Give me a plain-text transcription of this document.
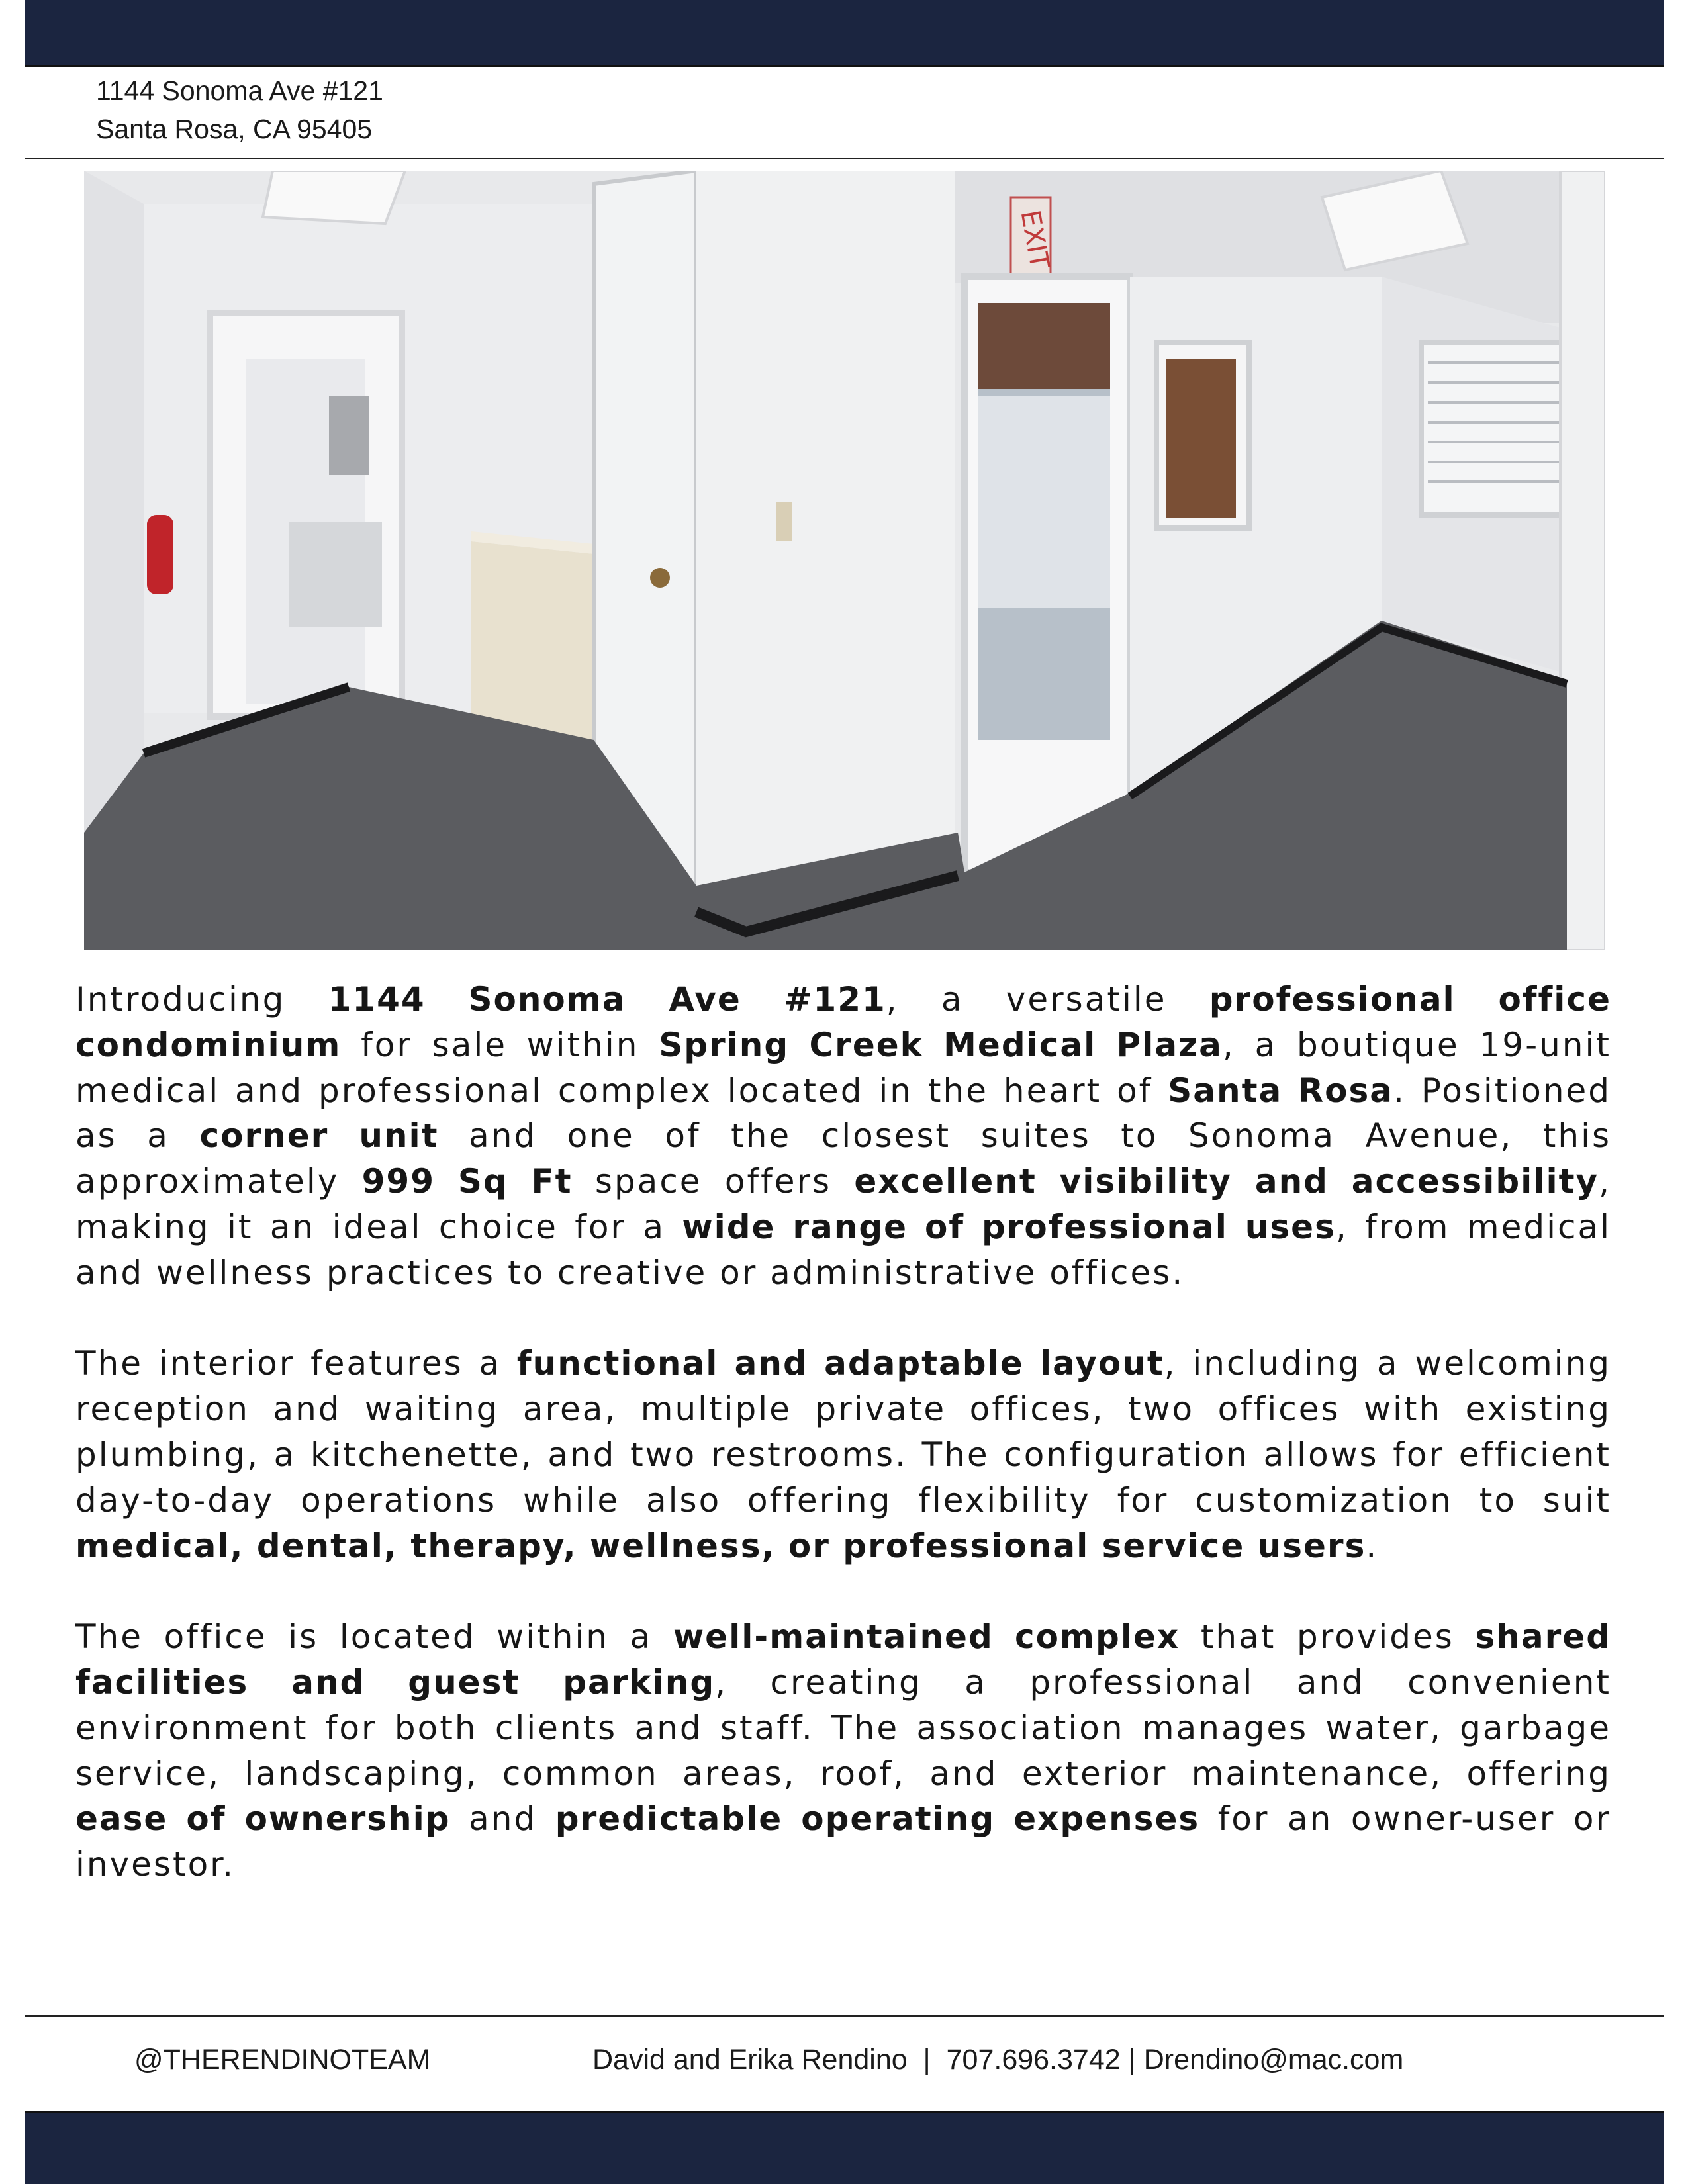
1144 Sonoma Ave #121
Santa Rosa, CA 95405
EXIT

Introducing 1144 Sonoma Ave #121, a versatile professional office condominium for sale within Spring Creek Medical Plaza, a boutique 19-unit medical and professional complex located in the heart of Santa Rosa. Positioned as a corner unit and one of the closest suites to Sonoma Avenue, this approximately 999 Sq Ft space offers excellent visibility and accessibility, making it an ideal choice for a wide range of professional uses, from medical and wellness practices to creative or administrative offices.

The interior features a functional and adaptable layout, including a welcoming reception and waiting area, multiple private offices, two offices with existing plumbing, a kitchenette, and two restrooms. The configuration allows for efficient day-to-day operations while also offering flexibility for customization to suit medical, dental, therapy, wellness, or professional service users.

The office is located within a well-maintained complex that provides shared facilities and guest parking, creating a professional and convenient environment for both clients and staff. The association manages water, garbage service, landscaping, common areas, roof, and exterior maintenance, offering ease of ownership and predictable operating expenses for an owner-user or investor.

@THERENDINOTEAM	David and Erika Rendino  |  707.696.3742 | Drendino@mac.com
